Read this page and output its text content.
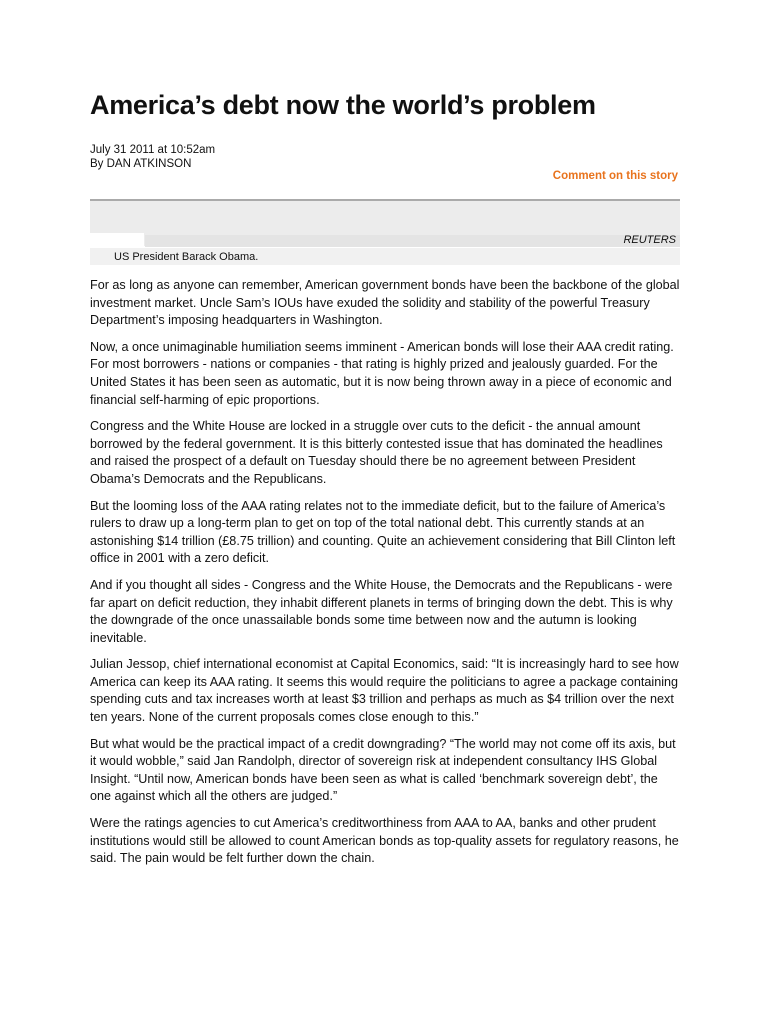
America’s debt now the world’s problem
July 31 2011 at 10:52am
By DAN ATKINSON
Comment on this story
REUTERS
US President Barack Obama.

For as long as anyone can remember, American government bonds have been the backbone of the global investment market. Uncle Sam’s IOUs have exuded the solidity and stability of the powerful Treasury Department’s imposing headquarters in Washington.

Now, a once unimaginable humiliation seems imminent - American bonds will lose their AAA credit rating. For most borrowers - nations or companies - that rating is highly prized and jealously guarded. For the United States it has been seen as automatic, but it is now being thrown away in a piece of economic and financial self-harming of epic proportions.

Congress and the White House are locked in a struggle over cuts to the deficit - the annual amount borrowed by the federal government. It is this bitterly contested issue that has dominated the headlines and raised the prospect of a default on Tuesday should there be no agreement between President Obama’s Democrats and the Republicans.

But the looming loss of the AAA rating relates not to the immediate deficit, but to the failure of America’s rulers to draw up a long-term plan to get on top of the total national debt. This currently stands at an astonishing $14 trillion (£8.75 trillion) and counting. Quite an achievement considering that Bill Clinton left office in 2001 with a zero deficit.

And if you thought all sides - Congress and the White House, the Democrats and the Republicans - were far apart on deficit reduction, they inhabit different planets in terms of bringing down the debt. This is why the downgrade of the once unassailable bonds some time between now and the autumn is looking inevitable.

Julian Jessop, chief international economist at Capital Economics, said: “It is increasingly hard to see how America can keep its AAA rating. It seems this would require the politicians to agree a package containing spending cuts and tax increases worth at least $3 trillion and perhaps as much as $4 trillion over the next ten years. None of the current proposals comes close enough to this.”

But what would be the practical impact of a credit downgrading? “The world may not come off its axis, but it would wobble,” said Jan Randolph, director of sovereign risk at independent consultancy IHS Global Insight. “Until now, American bonds have been seen as what is called ‘benchmark sovereign debt’, the one against which all the others are judged.”

Were the ratings agencies to cut America’s creditworthiness from AAA to AA, banks and other prudent institutions would still be allowed to count American bonds as top-quality assets for regulatory reasons, he said. The pain would be felt further down the chain.
